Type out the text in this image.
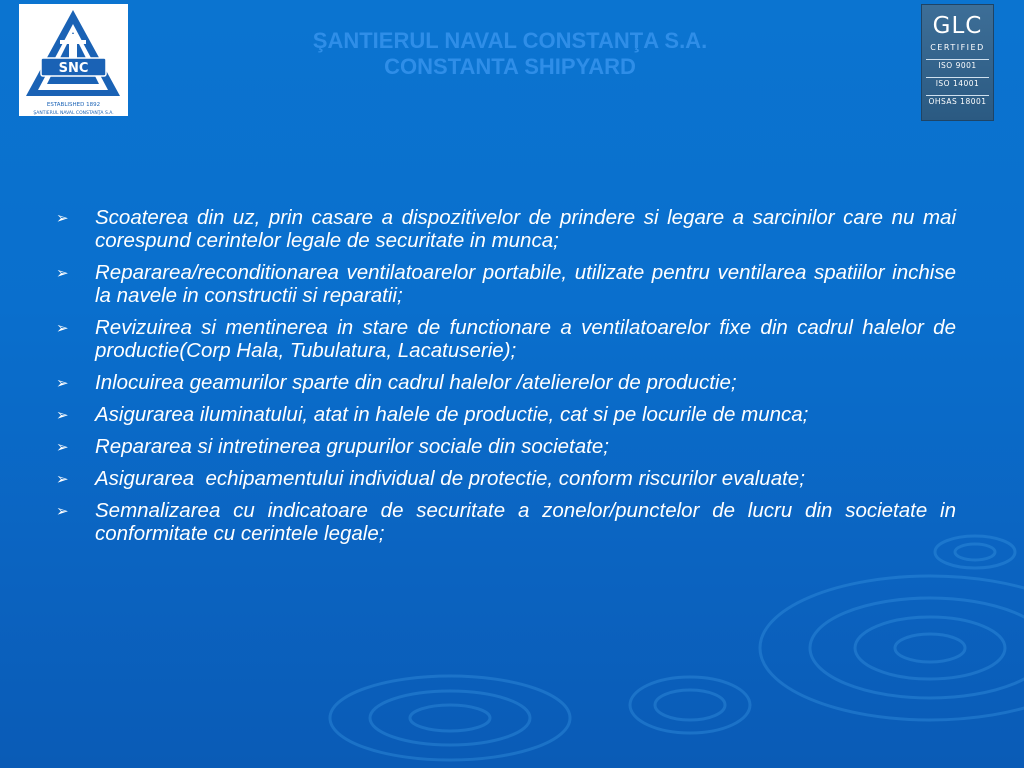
SNC
ESTABLISHED 1892
ŞANTIERUL NAVAL CONSTANŢA S.A.
ŞANTIERUL NAVAL CONSTANŢA S.A.
CONSTANTA SHIPYARD
GLC
CERTIFIED
ISO 9001
ISO 14001
OHSAS 18001
➢ Scoaterea din uz, prin casare a dispozitivelor de prindere si legare a sarcinilor care nu mai corespund cerintelor legale de securitate in munca;
➢ Repararea/reconditionarea ventilatoarelor portabile, utilizate pentru ventilarea spatiilor inchise la navele in constructii si reparatii;
➢ Revizuirea si mentinerea in stare de functionare a ventilatoarelor fixe din cadrul halelor de productie(Corp Hala, Tubulatura, Lacatuserie);
➢ Inlocuirea geamurilor sparte din cadrul halelor /atelierelor de productie;
➢ Asigurarea iluminatului, atat in halele de productie, cat si pe locurile de munca;
➢ Repararea si intretinerea grupurilor sociale din societate;
➢ Asigurarea  echipamentului individual de protectie, conform riscurilor evaluate;
➢ Semnalizarea cu indicatoare de securitate a zonelor/punctelor de lucru din societate in conformitate cu cerintele legale;
